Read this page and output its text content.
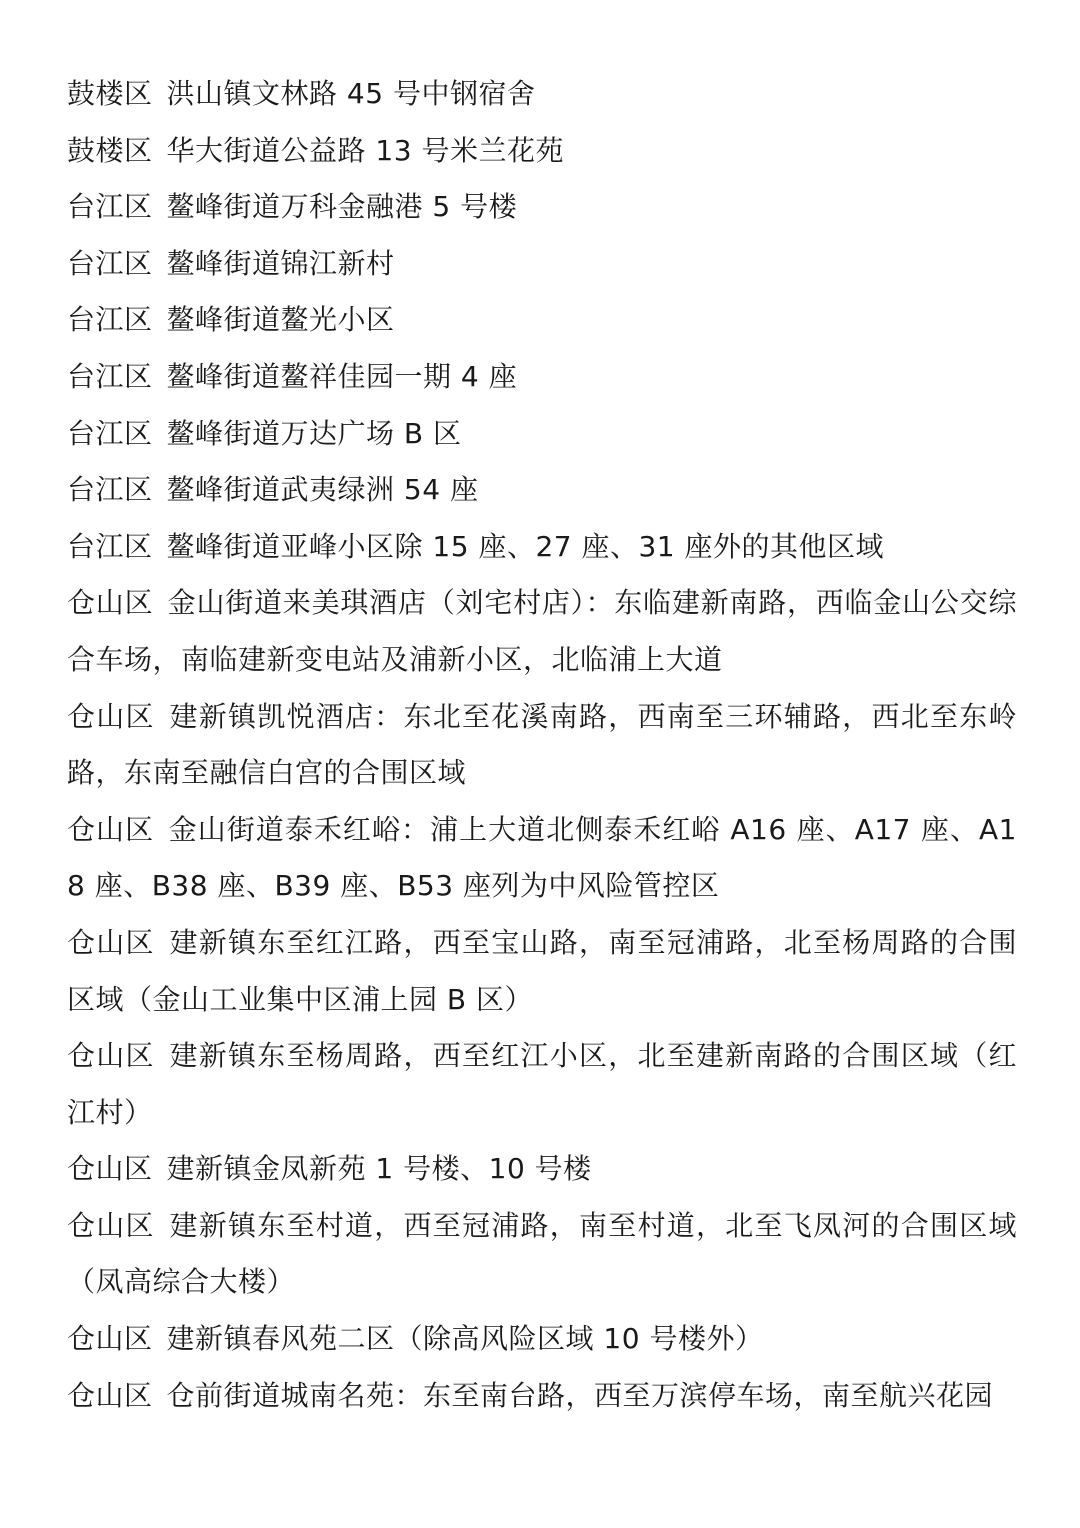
鼓楼区 洪山镇文林路 45 号中钢宿舍

鼓楼区 华大街道公益路 13 号米兰花苑

台江区 鳌峰街道万科金融港 5 号楼

台江区 鳌峰街道锦江新村

台江区 鳌峰街道鳌光小区

台江区 鳌峰街道鳌祥佳园一期 4 座

台江区 鳌峰街道万达广场 B 区

台江区 鳌峰街道武夷绿洲 54 座

台江区 鳌峰街道亚峰小区除 15 座、27 座、31 座外的其他区域

仓山区 金山街道来美琪酒店（刘宅村店）：东临建新南路，西临金山公交综合车场，南临建新变电站及浦新小区，北临浦上大道

仓山区 建新镇凯悦酒店：东北至花溪南路，西南至三环辅路，西北至东岭路，东南至融信白宫的合围区域

仓山区 金山街道泰禾红峪：浦上大道北侧泰禾红峪 A16 座、A17 座、A18 座、B38 座、B39 座、B53 座列为中风险管控区

仓山区 建新镇东至红江路，西至宝山路，南至冠浦路，北至杨周路的合围区域（金山工业集中区浦上园 B 区）

仓山区 建新镇东至杨周路，西至红江小区，北至建新南路的合围区域（红江村）

仓山区 建新镇金凤新苑 1 号楼、10 号楼

仓山区 建新镇东至村道，西至冠浦路，南至村道，北至飞凤河的合围区域（凤高综合大楼）

仓山区 建新镇春风苑二区（除高风险区域 10 号楼外）

仓山区 仓前街道城南名苑：东至南台路，西至万滨停车场，南至航兴花园
